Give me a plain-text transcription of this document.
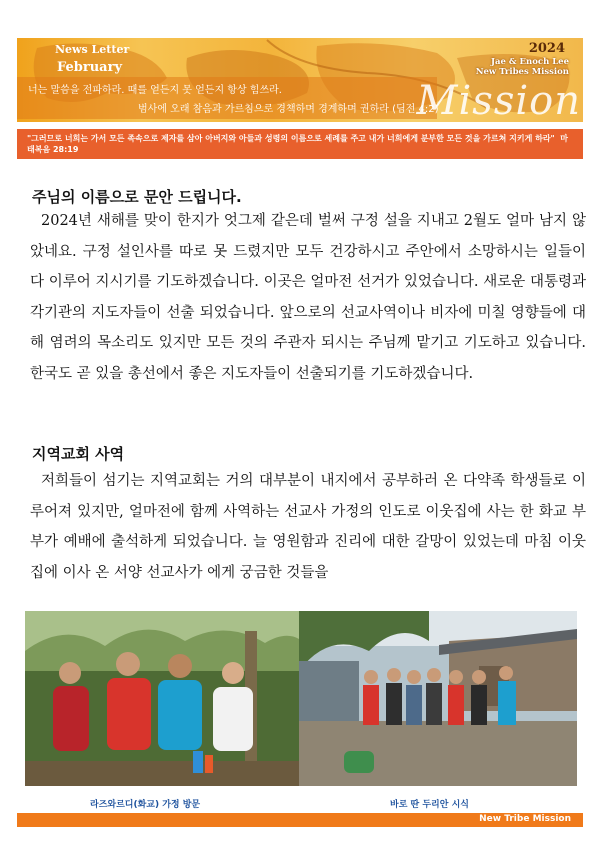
News Letter
February
너는 말씀을 전파하라. 때를 얻든지 못 얻든지 항상 힘쓰라.
범사에 오래 참음과 가르침으로 경책하며 경계하며 권하라 (딤전 4:2)
2024
Jae & Enoch Lee
New Tribes Mission
Mission
"그러므로 너희는 가서 모든 족속으로 제자를 삼아 아버지와 아들과 성령의 이름으로 세례를 주고 내가 너희에게 분부한 모든 것을 가르쳐 지키게 하라" 마태복음 28:19
주님의 이름으로 문안 드립니다.

2024년 새해를 맞이 한지가 엇그제 같은데 벌써 구정 설을 지내고 2월도 얼마 남지 않았네요. 구정 설인사를 따로 못 드렸지만 모두 건강하시고 주안에서 소망하시는 일들이 다 이루어 지시기를 기도하겠습니다. 이곳은 얼마전 선거가 있었습니다. 새로운 대통령과 각기관의 지도자들이 선출 되었습니다. 앞으로의 선교사역이나 비자에 미칠 영향들에 대해 염려의 목소리도 있지만 모든 것의 주관자 되시는 주님께 맡기고 기도하고 있습니다. 한국도 곧 있을 총선에서 좋은 지도자들이 선출되기를 기도하겠습니다.

지역교회 사역

저희들이 섬기는 지역교회는 거의 대부분이 내지에서 공부하러 온 다약족 학생들로 이루어져 있지만, 얼마전에 함께 사역하는 선교사 가정의 인도로 이웃집에 사는 한 화교 부부가 예배에 출석하게 되었습니다. 늘 영원함과 진리에 대한 갈망이 있었는데 마침 이웃집에 이사 온 서양 선교사가 에게 궁금한 것들을

라즈와르디(화교) 가정 방문	바로 딴 두리안 시식
New Tribe Mission
